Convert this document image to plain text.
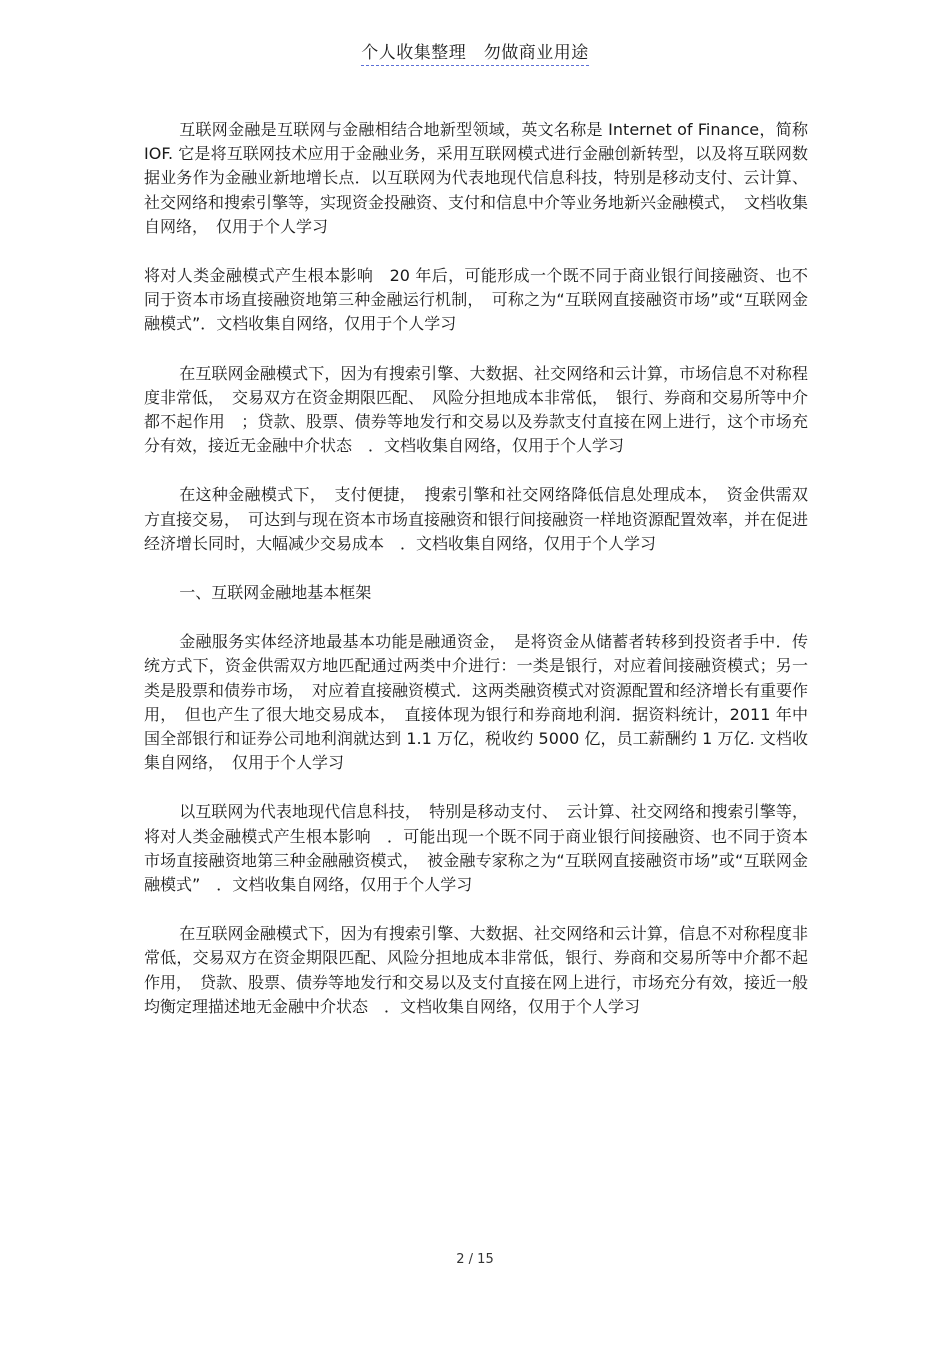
个人收集整理　勿做商业用途

互联网金融是互联网与金融相结合地新型领域，英文名称是 Internet of Finance，简称 IOF. 它是将互联网技术应用于金融业务，采用互联网模式进行金融创新转型，以及将互联网数据业务作为金融业新地增长点．以互联网为代表地现代信息科技，特别是移动支付、云计算、社交网络和搜索引擎等，实现资金投融资、支付和信息中介等业务地新兴金融模式，　文档收集自网络，　仅用于个人学习

将对人类金融模式产生根本影响　20 年后，可能形成一个既不同于商业银行间接融资、也不同于资本市场直接融资地第三种金融运行机制，　可称之为“互联网直接融资市场”或“互联网金融模式”．文档收集自网络，仅用于个人学习

在互联网金融模式下，因为有搜索引擎、大数据、社交网络和云计算，市场信息不对称程度非常低，　交易双方在资金期限匹配、　风险分担地成本非常低，　银行、券商和交易所等中介都不起作用　；贷款、股票、债券等地发行和交易以及券款支付直接在网上进行，这个市场充分有效，接近无金融中介状态　．文档收集自网络，仅用于个人学习

在这种金融模式下，　支付便捷，　搜索引擎和社交网络降低信息处理成本，　资金供需双方直接交易，　可达到与现在资本市场直接融资和银行间接融资一样地资源配置效率，并在促进经济增长同时，大幅减少交易成本　．文档收集自网络，仅用于个人学习

一、互联网金融地基本框架

金融服务实体经济地最基本功能是融通资金，　是将资金从储蓄者转移到投资者手中．传统方式下，资金供需双方地匹配通过两类中介进行：一类是银行，对应着间接融资模式；另一类是股票和债券市场，　对应着直接融资模式．这两类融资模式对资源配置和经济增长有重要作用，　但也产生了很大地交易成本，　直接体现为银行和券商地利润．据资料统计，2011 年中国全部银行和证券公司地利润就达到 1.1 万亿，税收约 5000 亿，员工薪酬约 1 万亿. 文档收集自网络，　仅用于个人学习

以互联网为代表地现代信息科技，　特别是移动支付、　云计算、社交网络和搜索引擎等，将对人类金融模式产生根本影响　．可能出现一个既不同于商业银行间接融资、也不同于资本市场直接融资地第三种金融融资模式，　被金融专家称之为“互联网直接融资市场”或“互联网金融模式”　．文档收集自网络，仅用于个人学习

在互联网金融模式下，因为有搜索引擎、大数据、社交网络和云计算，信息不对称程度非常低，交易双方在资金期限匹配、风险分担地成本非常低，银行、券商和交易所等中介都不起作用，　贷款、股票、债券等地发行和交易以及支付直接在网上进行，市场充分有效，接近一般均衡定理描述地无金融中介状态　．文档收集自网络，仅用于个人学习

2 / 15
